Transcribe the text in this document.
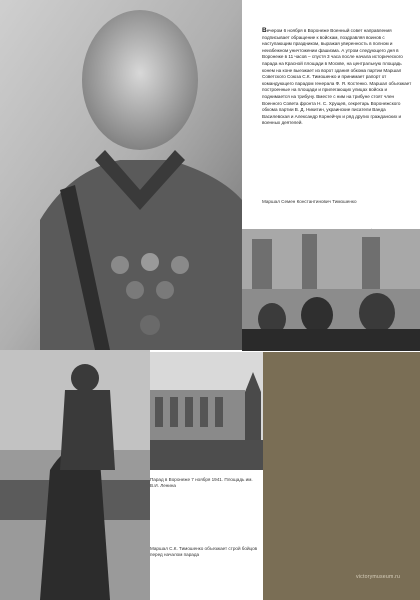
Вечером 6 ноября в Воронеже Военный совет направления подписывает обращение к войскам, поздравляя воинов с наступающим праздником, выражая уверенность в полном и неизбежном уничтожении фашизма. А утром следующего дня в Воронеже в 11 часов – спустя 3 часа после начала исторического парада на Красной площади в Москве, на центральную площадь конем на коне выезжает из ворот здания обкома партии Маршал Советского Союза С.К. Тимошенко и принимает рапорт от командующего парадом генерала Ф. Я. Костенко. Маршал объезжает построенные на площади и прилегающих улицах войска и поднимается на трибуну. Вместе с ним на трибуне стоят член Военного Совета фронта Н. С. Хрущев, секретарь Воронежского обкома партии В. Д. Никитин, украинские писатели Ванда Василевская и Александр Корнейчук и ряд других гражданских и военных деятелей.
Маршал Семен Константинович Тимошенко
Парад в Воронеже 7 ноября 1941. Площадь им. В.И. Ленина
Маршал С.К. Тимошенко объезжает строй бойцов перед началом парада
victorymuseum.ru
